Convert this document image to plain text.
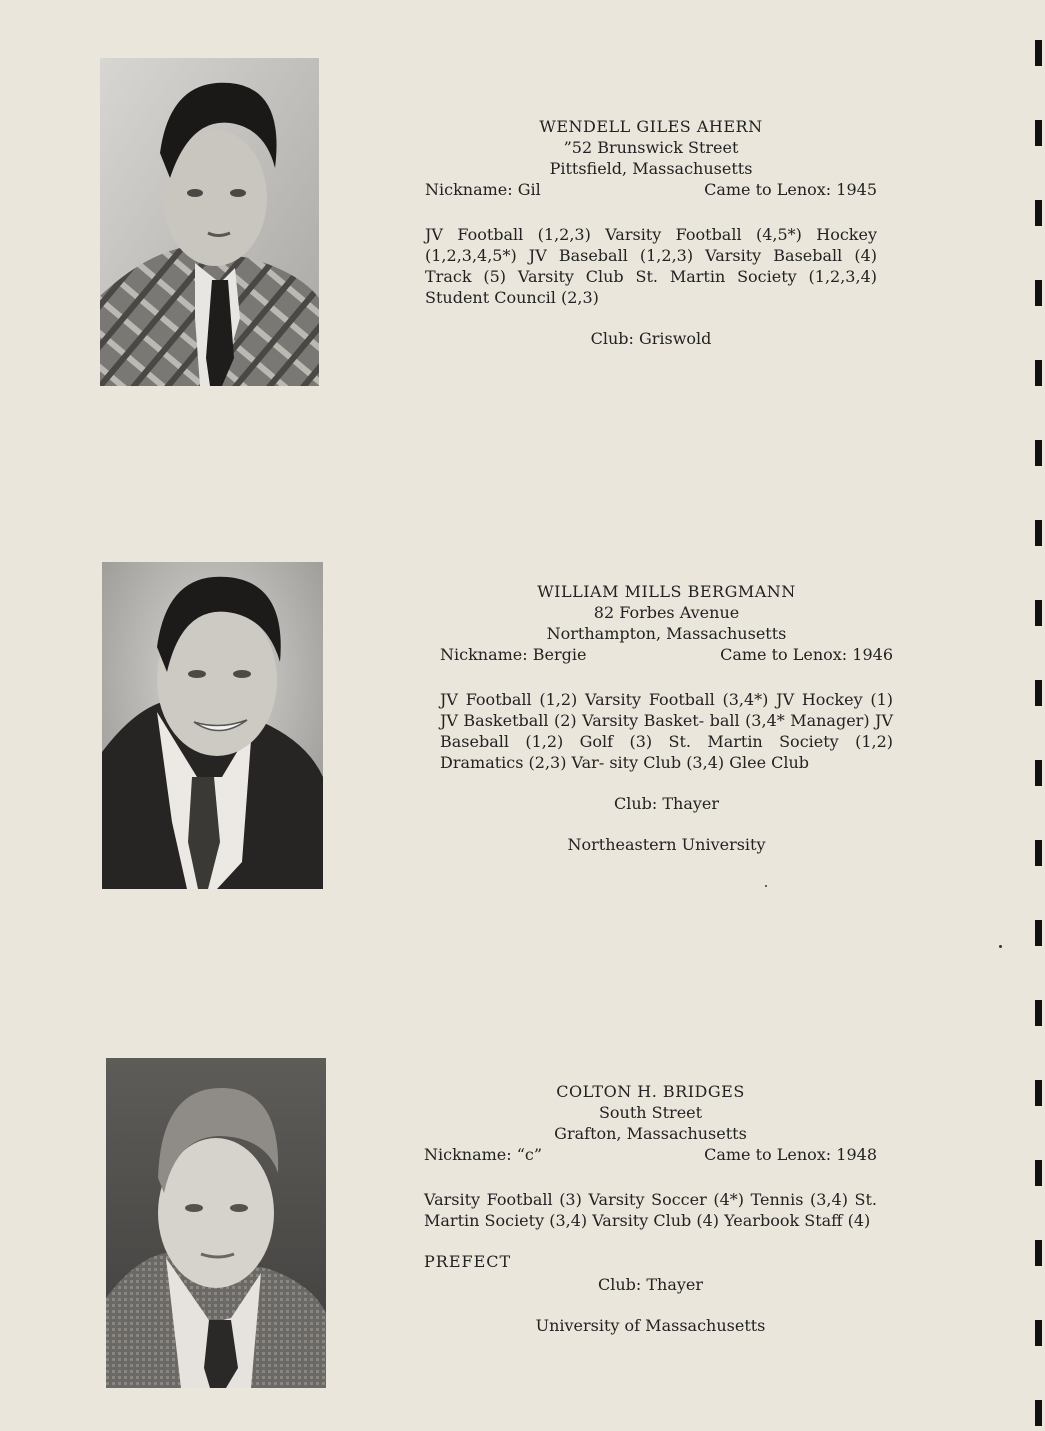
WENDELL GILES AHERN
”52 Brunswick Street
Pittsfield, Massachusetts
Nickname: Gil	Came to Lenox: 1945
JV Football (1,2,3) Varsity Football (4,5*) Hockey (1,2,3,4,5*) JV Baseball (1,2,3) Varsity Baseball (4) Track (5) Varsity Club St. Martin Society (1,2,3,4) Student Council (2,3)
Club: Griswold
WILLIAM MILLS BERGMANN
82 Forbes Avenue
Northampton, Massachusetts
Nickname: Bergie	Came to Lenox: 1946
JV Football (1,2) Varsity Football (3,4*) JV Hockey (1) JV Basketball (2) Varsity Basket- ball (3,4* Manager) JV Baseball (1,2) Golf (3) St. Martin Society (1,2) Dramatics (2,3) Var- sity Club (3,4) Glee Club
Club: Thayer
Northeastern University
COLTON H. BRIDGES
South Street
Grafton, Massachusetts
Nickname: “c”	Came to Lenox: 1948
Varsity Football (3) Varsity Soccer (4*) Tennis (3,4) St. Martin Society (3,4) Varsity Club (4) Yearbook Staff (4)
PREFECT
Club: Thayer
University of Massachusetts
